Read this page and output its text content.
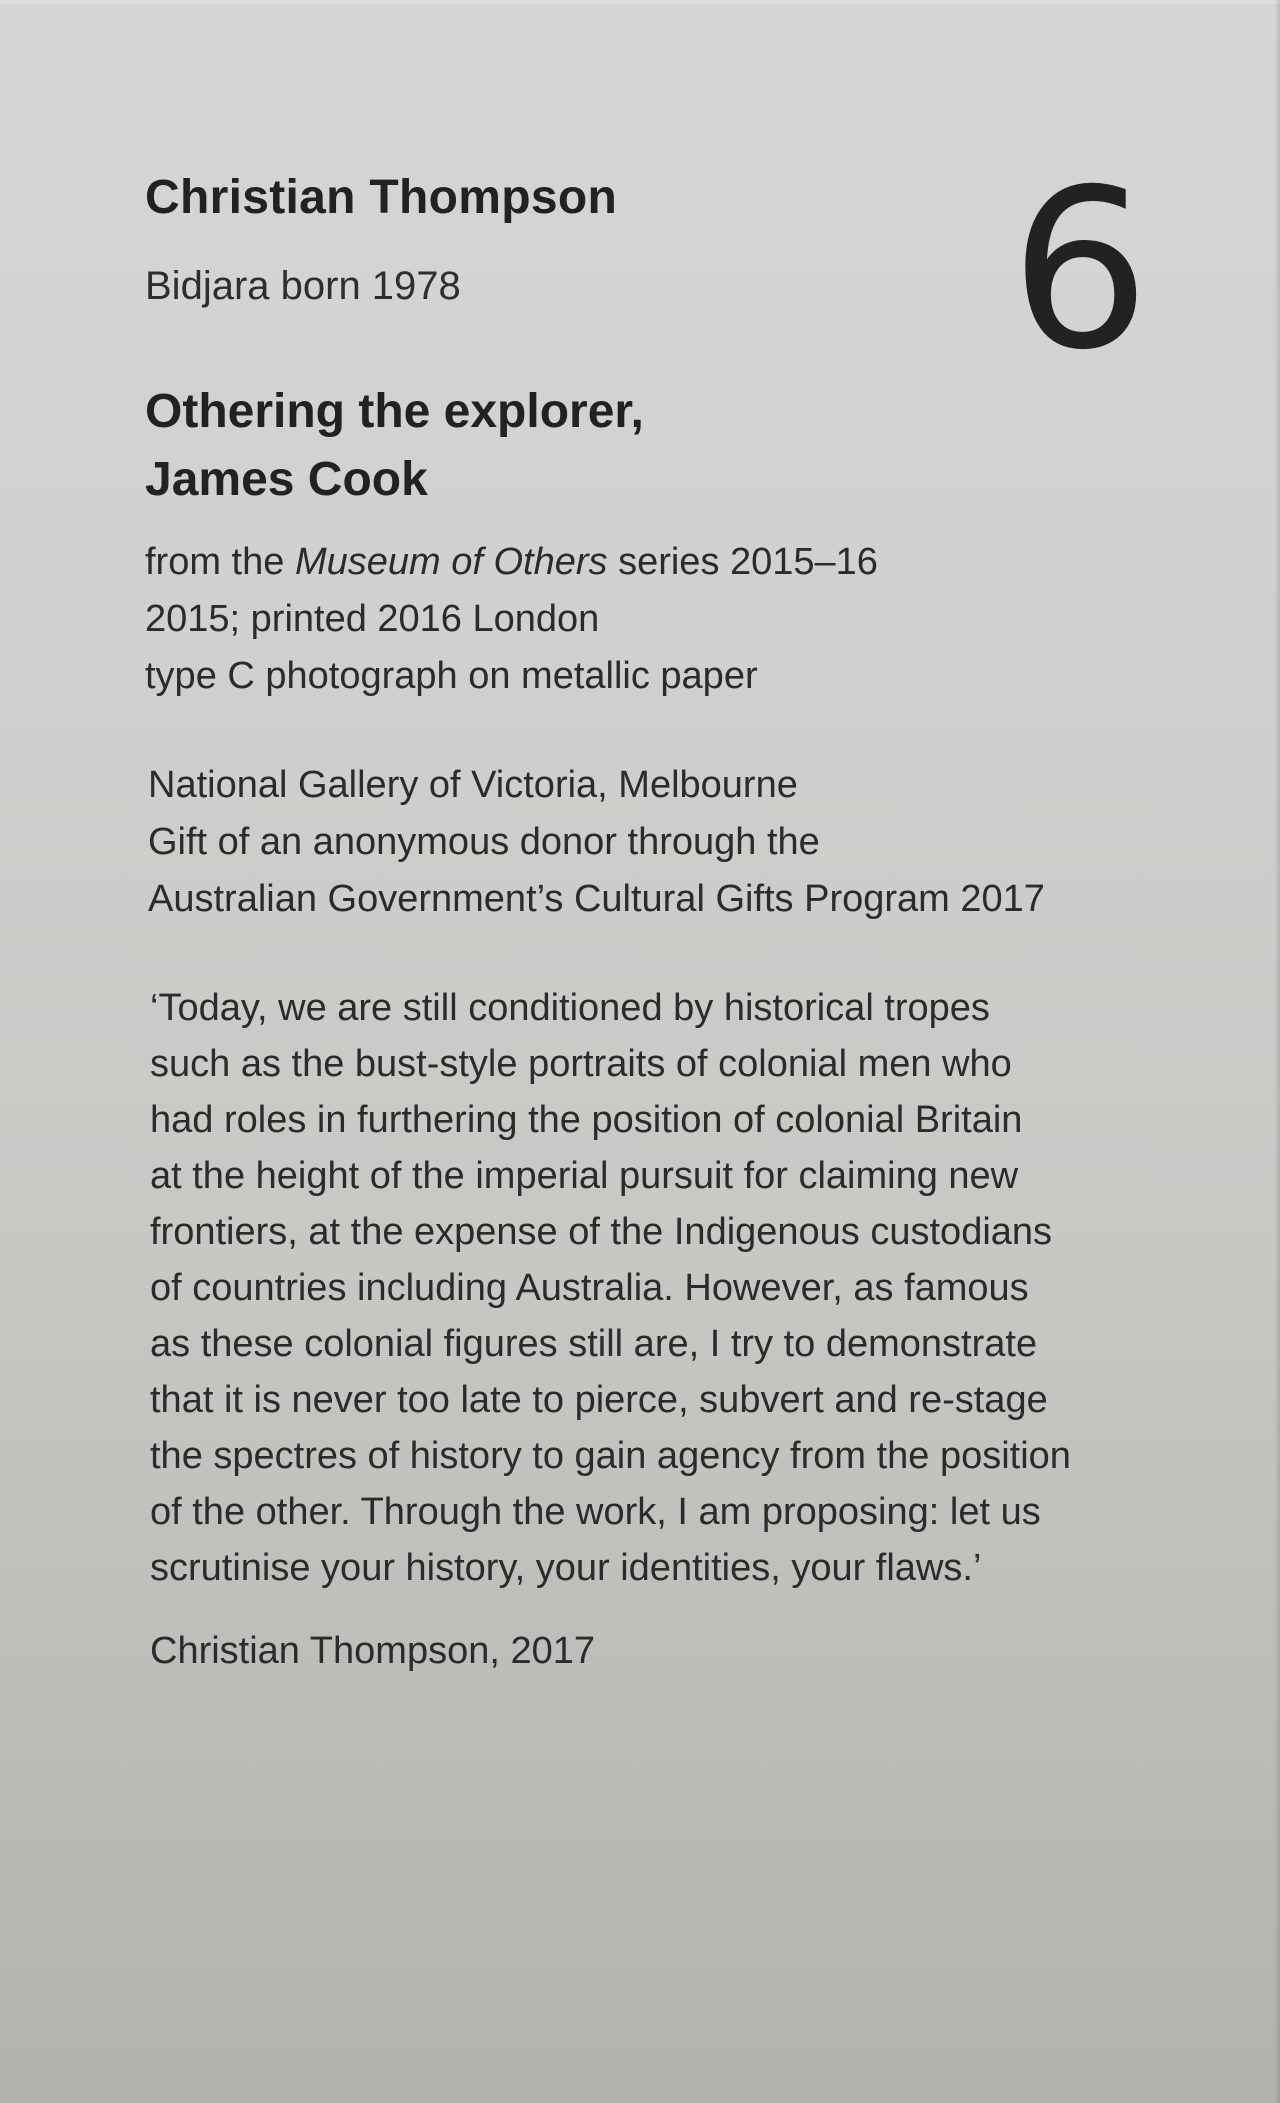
Christian Thompson
Bidjara born 1978 6
Othering the explorer,
James Cook
from the Museum of Others series 2015–16
2015; printed 2016 London
type C photograph on metallic paper
National Gallery of Victoria, Melbourne
Gift of an anonymous donor through the
Australian Government’s Cultural Gifts Program 2017
‘Today, we are still conditioned by historical tropes
such as the bust-style portraits of colonial men who
had roles in furthering the position of colonial Britain
at the height of the imperial pursuit for claiming new
frontiers, at the expense of the Indigenous custodians
of countries including Australia. However, as famous
as these colonial figures still are, I try to demonstrate
that it is never too late to pierce, subvert and re-stage
the spectres of history to gain agency from the position
of the other. Through the work, I am proposing: let us
scrutinise your history, your identities, your flaws.’
Christian Thompson, 2017
